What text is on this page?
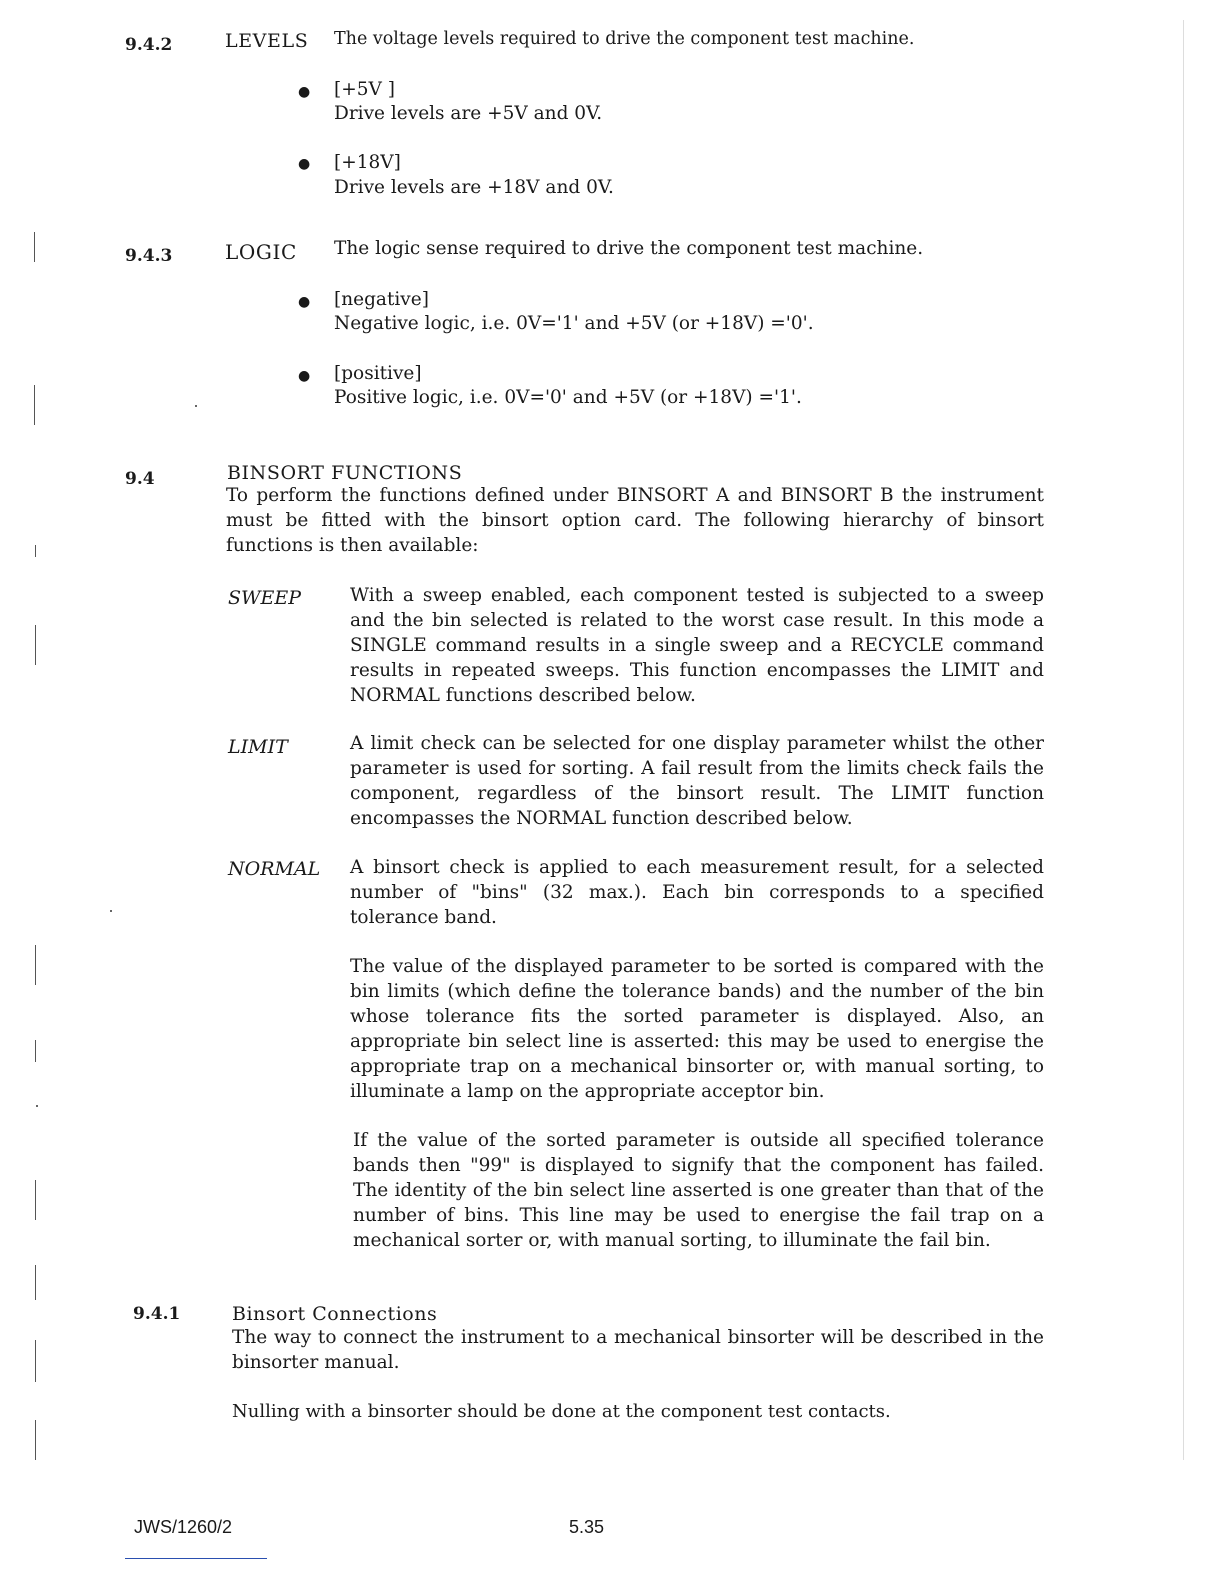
9.4.2	LEVELS The voltage levels required to drive the component test machine.
● [+5V ]
Drive levels are +5V and 0V.
● [+18V]
Drive levels are +18V and 0V.
9.4.3	LOGIC The logic sense required to drive the component test machine.
● [negative]
Negative logic, i.e. 0V='1' and +5V (or +18V) ='0'.
● [positive]
Positive logic, i.e. 0V='0' and +5V (or +18V) ='1'.
9.4	BINSORT FUNCTIONS
To perform the functions defined under BINSORT A and BINSORT B the instrument must be fitted with the binsort option card. The following hierarchy of binsort functions is then available:
SWEEP	With a sweep enabled, each component tested is subjected to a sweep and the bin selected is related to the worst case result. In this mode a SINGLE command results in a single sweep and a RECYCLE command results in repeated sweeps. This function encompasses the LIMIT and NORMAL functions described below.
LIMIT	A limit check can be selected for one display parameter whilst the other parameter is used for sorting. A fail result from the limits check fails the component, regardless of the binsort result. The LIMIT function encompasses the NORMAL function described below.
NORMAL A binsort check is applied to each measurement result, for a selected number of "bins" (32 max.). Each bin corresponds to a specified tolerance band.
The value of the displayed parameter to be sorted is compared with the bin limits (which define the tolerance bands) and the number of the bin whose tolerance fits the sorted parameter is displayed. Also, an appropriate bin select line is asserted: this may be used to energise the appropriate trap on a mechanical binsorter or, with manual sorting, to illuminate a lamp on the appropriate acceptor bin.
If the value of the sorted parameter is outside all specified tolerance bands then "99" is displayed to signify that the component has failed. The identity of the bin select line asserted is one greater than that of the number of bins. This line may be used to energise the fail trap on a mechanical sorter or, with manual sorting, to illuminate the fail bin.
9.4.1	Binsort Connections
The way to connect the instrument to a mechanical binsorter will be described in the binsorter manual.
Nulling with a binsorter should be done at the component test contacts.
JWS/1260/2	5.35
